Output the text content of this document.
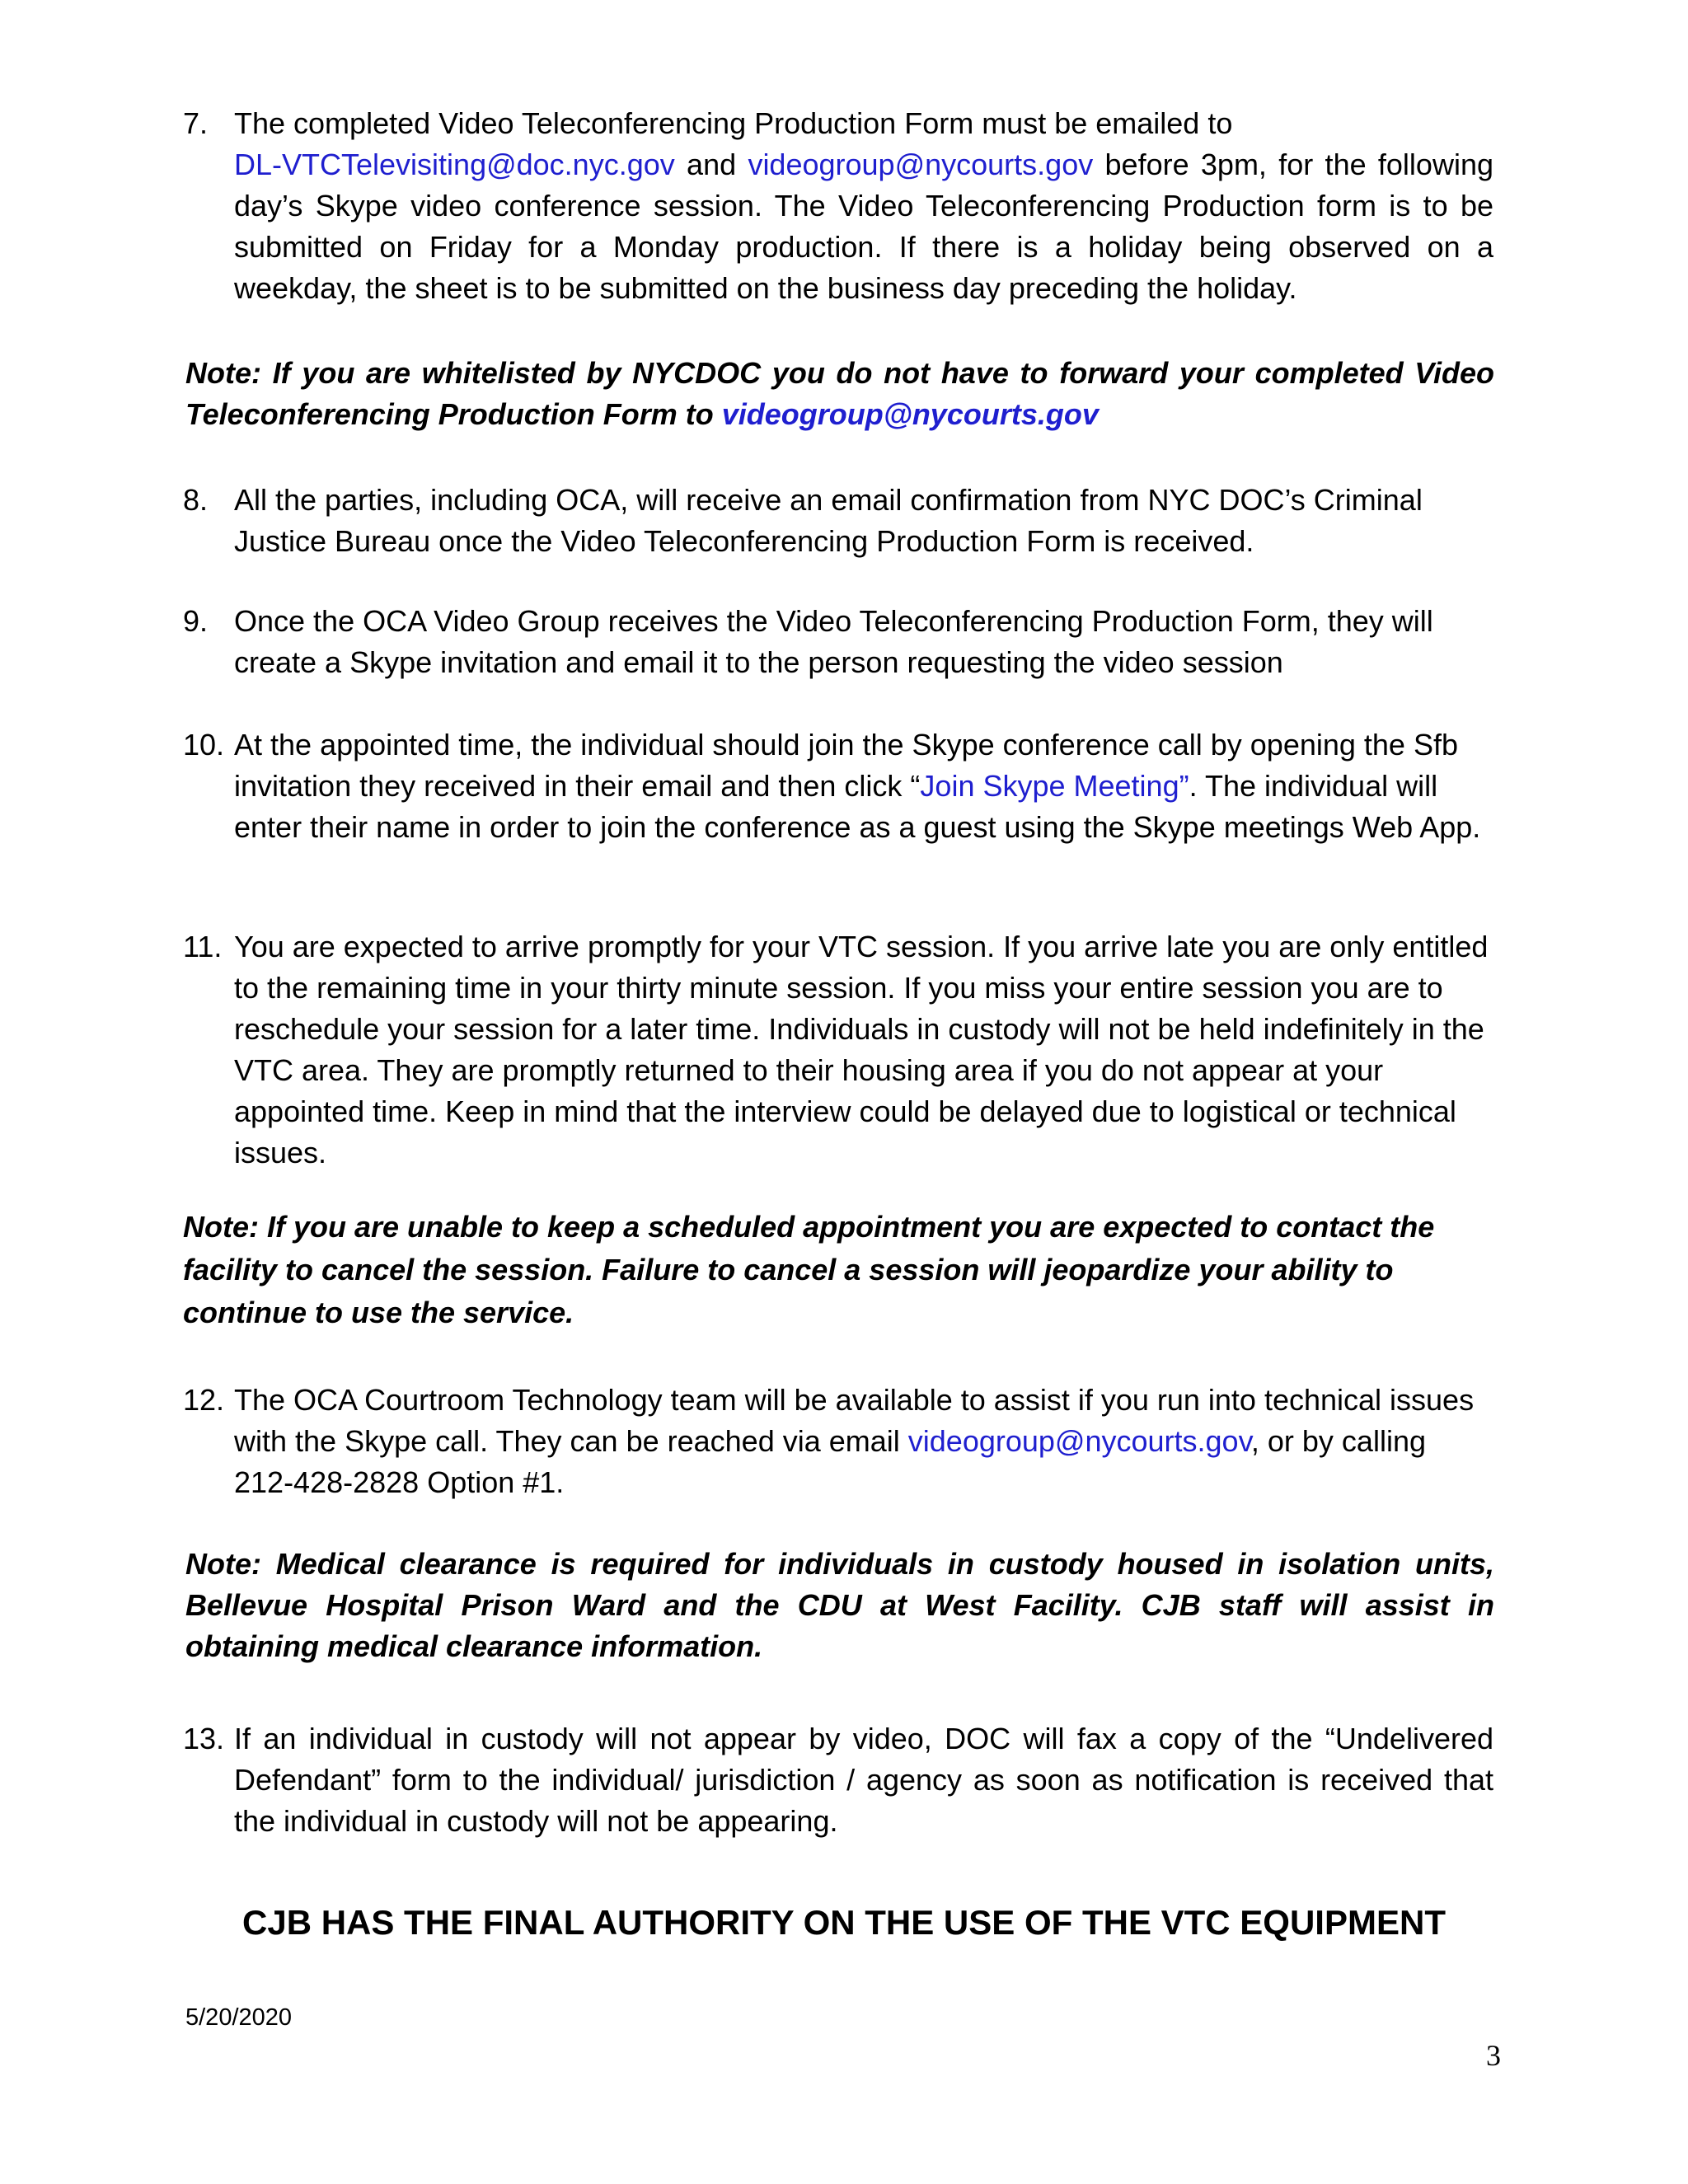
7. The completed Video Teleconferencing Production Form must be emailed to
DL-VTCTelevisiting@doc.nyc.gov and videogroup@nycourts.gov before 3pm, for the following day’s Skype video conference session. The Video Teleconferencing Production form is to be submitted on Friday for a Monday production. If there is a holiday being observed on a weekday, the sheet is to be submitted on the business day preceding the holiday.
Note: If you are whitelisted by NYCDOC you do not have to forward your completed Video Teleconferencing Production Form to videogroup@nycourts.gov
8. All the parties, including OCA, will receive an email confirmation from NYC DOC’s Criminal Justice Bureau once the Video Teleconferencing Production Form is received.
9. Once the OCA Video Group receives the Video Teleconferencing Production Form, they will create a Skype invitation and email it to the person requesting the video session
10. At the appointed time, the individual should join the Skype conference call by opening the Sfb invitation they received in their email and then click “Join Skype Meeting”. The individual will enter their name in order to join the conference as a guest using the Skype meetings Web App.
11. You are expected to arrive promptly for your VTC session. If you arrive late you are only entitled to the remaining time in your thirty minute session. If you miss your entire session you are to reschedule your session for a later time. Individuals in custody will not be held indefinitely in the VTC area. They are promptly returned to their housing area if you do not appear at your appointed time. Keep in mind that the interview could be delayed due to logistical or technical issues.
Note: If you are unable to keep a scheduled appointment you are expected to contact the facility to cancel the session. Failure to cancel a session will jeopardize your ability to continue to use the service.
12. The OCA Courtroom Technology team will be available to assist if you run into technical issues with the Skype call. They can be reached via email videogroup@nycourts.gov, or by calling 212-428-2828 Option #1.
Note: Medical clearance is required for individuals in custody housed in isolation units, Bellevue Hospital Prison Ward and the CDU at West Facility. CJB staff will assist in obtaining medical clearance information.
13. If an individual in custody will not appear by video, DOC will fax a copy of the “Undelivered Defendant” form to the individual/ jurisdiction / agency as soon as notification is received that the individual in custody will not be appearing.
CJB HAS THE FINAL AUTHORITY ON THE USE OF THE VTC EQUIPMENT
5/20/2020
3
